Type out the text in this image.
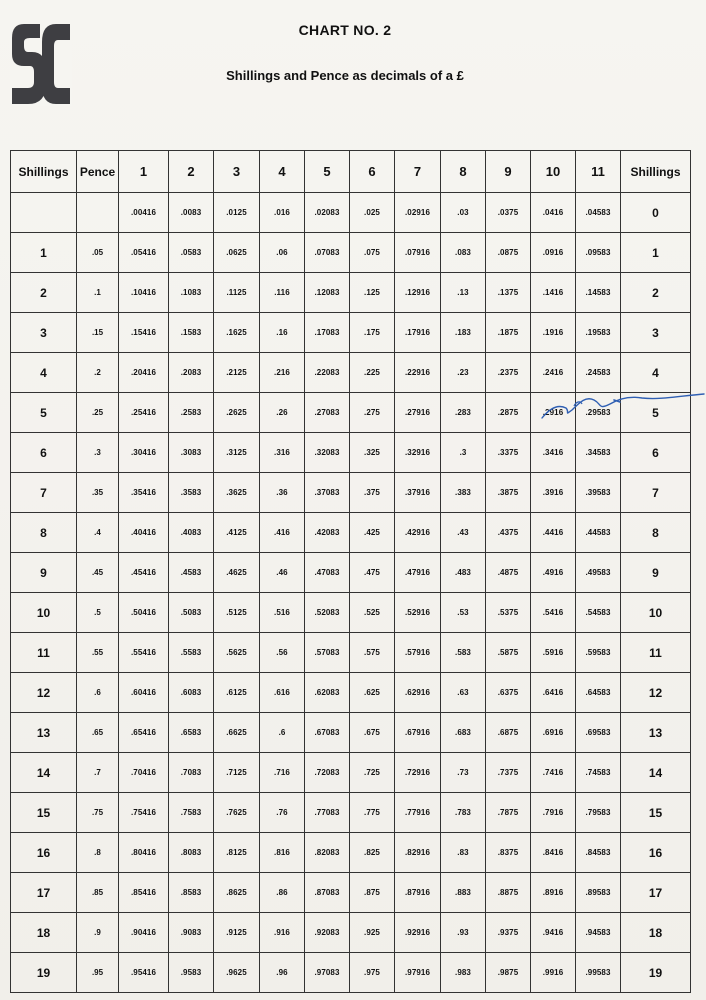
CHART NO. 2
Shillings and Pence as decimals of a £
Shillings	Pence	1	2	3	4	5	6	7	8	9	10	11	Shillings
		.00416	.0083	.0125	.016	.02083	.025	.02916	.03	.0375	.0416	.04583	0
1	.05	.05416	.0583	.0625	.06	.07083	.075	.07916	.083	.0875	.0916	.09583	1
2	.1	.10416	.1083	.1125	.116	.12083	.125	.12916	.13	.1375	.1416	.14583	2
3	.15	.15416	.1583	.1625	.16	.17083	.175	.17916	.183	.1875	.1916	.19583	3
4	.2	.20416	.2083	.2125	.216	.22083	.225	.22916	.23	.2375	.2416	.24583	4
5	.25	.25416	.2583	.2625	.26	.27083	.275	.27916	.283	.2875	.2916	.29583	5
6	.3	.30416	.3083	.3125	.316	.32083	.325	.32916	.3	.3375	.3416	.34583	6
7	.35	.35416	.3583	.3625	.36	.37083	.375	.37916	.383	.3875	.3916	.39583	7
8	.4	.40416	.4083	.4125	.416	.42083	.425	.42916	.43	.4375	.4416	.44583	8
9	.45	.45416	.4583	.4625	.46	.47083	.475	.47916	.483	.4875	.4916	.49583	9
10	.5	.50416	.5083	.5125	.516	.52083	.525	.52916	.53	.5375	.5416	.54583	10
11	.55	.55416	.5583	.5625	.56	.57083	.575	.57916	.583	.5875	.5916	.59583	11
12	.6	.60416	.6083	.6125	.616	.62083	.625	.62916	.63	.6375	.6416	.64583	12
13	.65	.65416	.6583	.6625	.6	.67083	.675	.67916	.683	.6875	.6916	.69583	13
14	.7	.70416	.7083	.7125	.716	.72083	.725	.72916	.73	.7375	.7416	.74583	14
15	.75	.75416	.7583	.7625	.76	.77083	.775	.77916	.783	.7875	.7916	.79583	15
16	.8	.80416	.8083	.8125	.816	.82083	.825	.82916	.83	.8375	.8416	.84583	16
17	.85	.85416	.8583	.8625	.86	.87083	.875	.87916	.883	.8875	.8916	.89583	17
18	.9	.90416	.9083	.9125	.916	.92083	.925	.92916	.93	.9375	.9416	.94583	18
19	.95	.95416	.9583	.9625	.96	.97083	.975	.97916	.983	.9875	.9916	.99583	19
